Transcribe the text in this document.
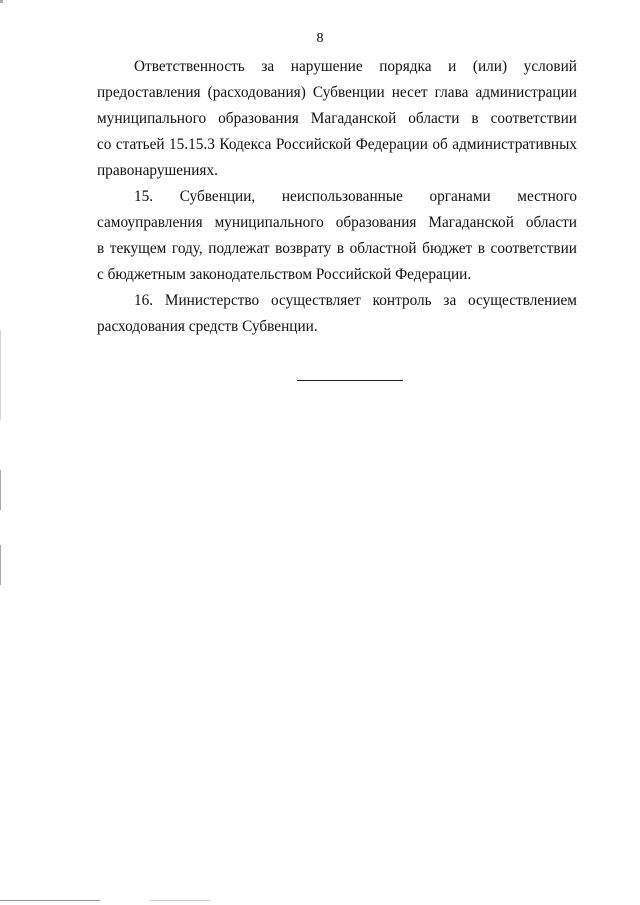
8

Ответственность за нарушение порядка и (или) условий
предоставления (расходования) Субвенции несет глава администрации
муниципального образования Магаданской области в соответствии
со статьей 15.15.3 Кодекса Российской Федерации об административных
правонарушениях.

15. Субвенции, неиспользованные органами местного
самоуправления муниципального образования Магаданской области
в текущем году, подлежат возврату в областной бюджет в соответствии
с бюджетным законодательством Российской Федерации.

16. Министерство осуществляет контроль за осуществлением
расходования средств Субвенции.
